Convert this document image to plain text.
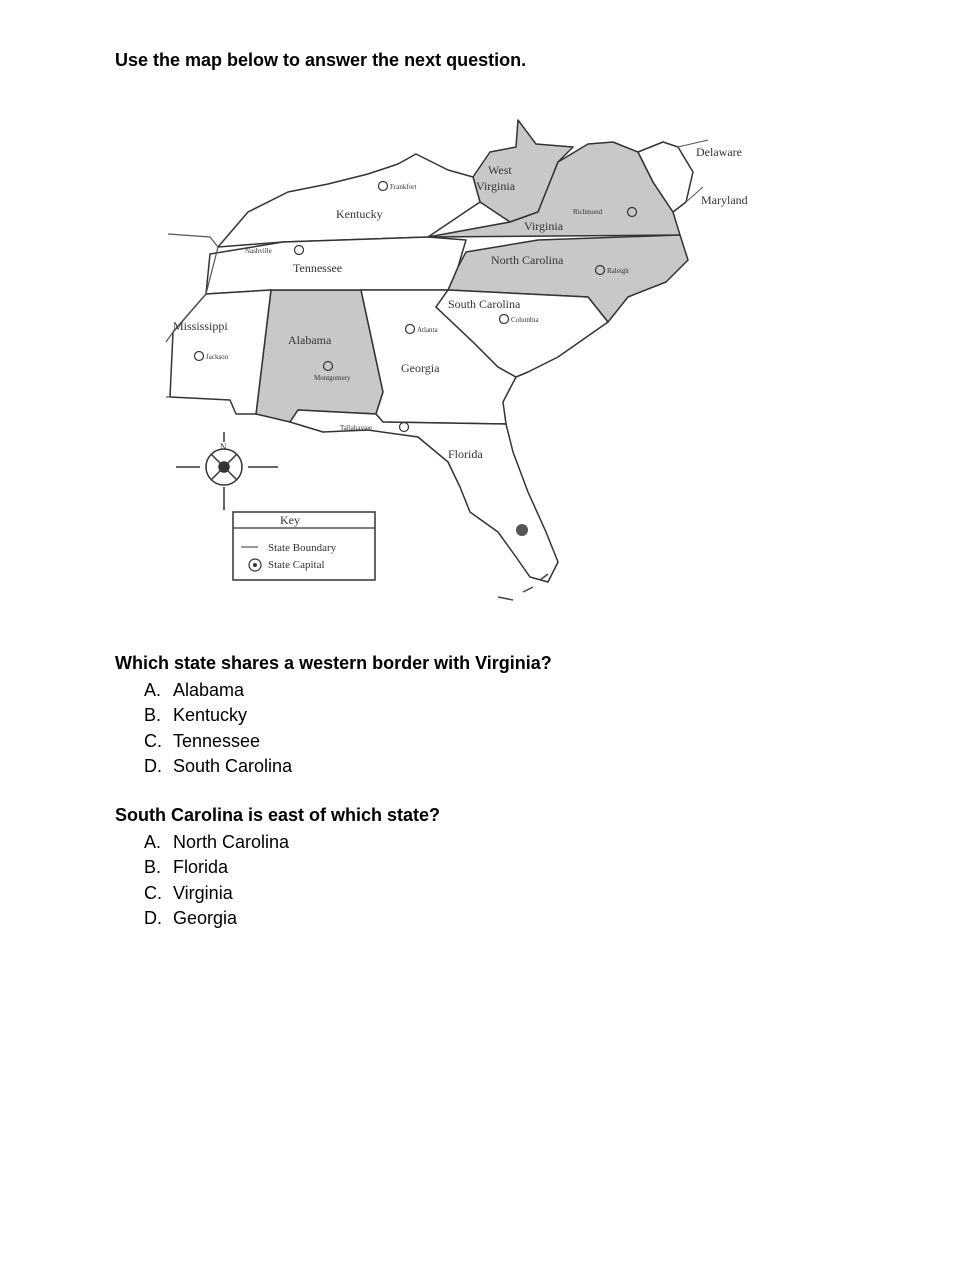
Use the map below to answer the next question.

Delaware
Maryland
West
Virginia
Virginia
Kentucky
Tennessee
North Carolina
South Carolina
Mississippi
Alabama
Georgia
Florida
Frankfort
Richmond
Nashville
Raleigh
Columbia
Atlanta
Jackson
Montgomery
Tallahassee
N
Key
State Boundary
State Capital

Which state shares a western border with Virginia?

A. Alabama
B. Kentucky
C. Tennessee
D. South Carolina

South Carolina is east of which state?

A. North Carolina
B. Florida
C. Virginia
D. Georgia
